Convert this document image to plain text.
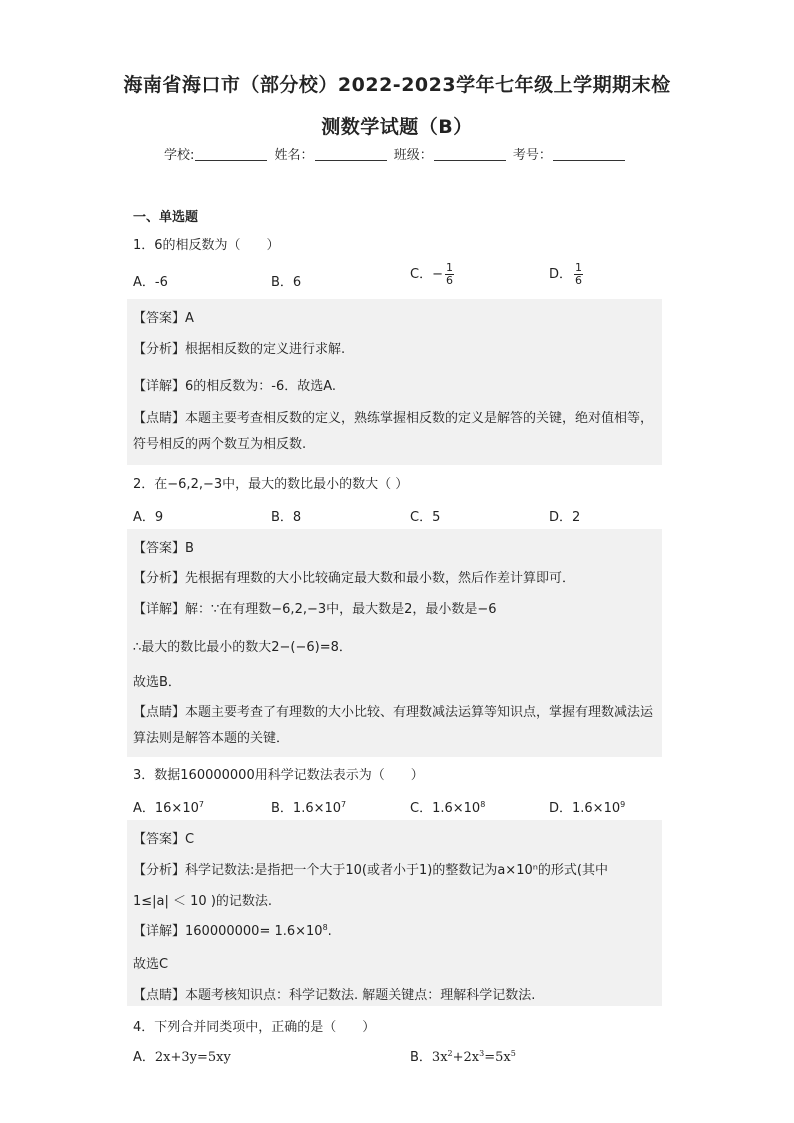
海南省海口市（部分校）2022-2023学年七年级上学期期末检
测数学试题（B）
学校:	姓名：	班级：	考号：
一、单选题
1．6的相反数为（　　）
A．-6	B．6
C．− $\frac{1}{6}$	D． $\frac{1}{6}$
【答案】A
【分析】根据相反数的定义进行求解.
【详解】6的相反数为：-6．故选A.
【点睛】本题主要考查相反数的定义，熟练掌握相反数的定义是解答的关键，绝对值相等，符号相反的两个数互为相反数.
2．在−6,2,−3中，最大的数比最小的数大（ ）
A．9	B．8	C．5	D．2
【答案】B
【分析】先根据有理数的大小比较确定最大数和最小数，然后作差计算即可．
【详解】解：∵在有理数−6,2,−3中，最大数是2，最小数是−6
∴最大的数比最小的数大2−(−6)=8．
故选B．
【点睛】本题主要考查了有理数的大小比较、有理数减法运算等知识点，掌握有理数减法运算法则是解答本题的关键．
3．数据160000000用科学记数法表示为（　　）
A．$16\times 10^7$	B．$1.6\times 10^7$	C．$1.6\times 10^8$	D．$1.6\times 10^9$
【答案】C
【分析】科学记数法:是指把一个大于10(或者小于1)的整数记为a×10ⁿ的形式(其中
1≤|a| ＜ 10 )的记数法.
【详解】$160000000= 1.6\times 10^8$.
故选C
【点睛】本题考核知识点：科学记数法. 解题关键点：理解科学记数法.
4．下列合并同类项中，正确的是（　　）
A．2x+3y=5xy	B．$3x^2+2x^3=5x^5$
